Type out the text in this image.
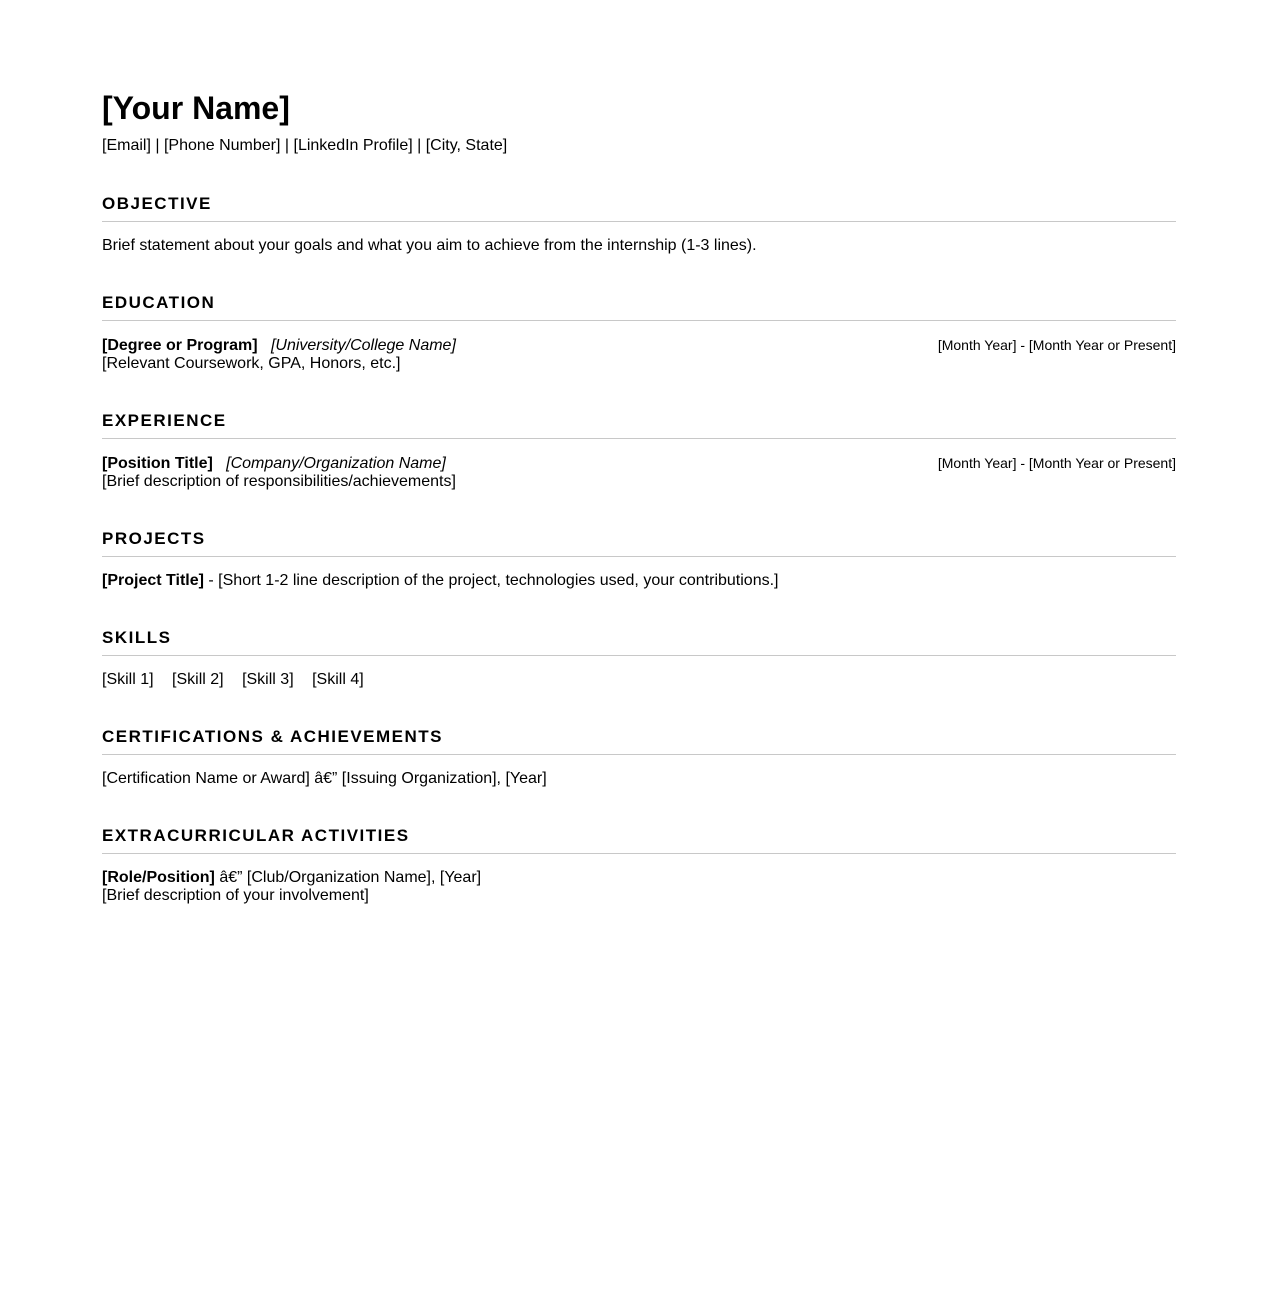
[Your Name]
[Email] | [Phone Number] | [LinkedIn Profile] | [City, State]
OBJECTIVE
Brief statement about your goals and what you aim to achieve from the internship (1-3 lines).
EDUCATION
[Degree or Program] [University/College Name]	[Month Year] - [Month Year or Present]
[Relevant Coursework, GPA, Honors, etc.]
EXPERIENCE
[Position Title] [Company/Organization Name]	[Month Year] - [Month Year or Present]
[Brief description of responsibilities/achievements]
PROJECTS
[Project Title] - [Short 1-2 line description of the project, technologies used, your contributions.]
SKILLS
[Skill 1] [Skill 2] [Skill 3] [Skill 4]
CERTIFICATIONS & ACHIEVEMENTS
[Certification Name or Award] â€” [Issuing Organization], [Year]
EXTRACURRICULAR ACTIVITIES
[Role/Position] â€” [Club/Organization Name], [Year]
[Brief description of your involvement]
